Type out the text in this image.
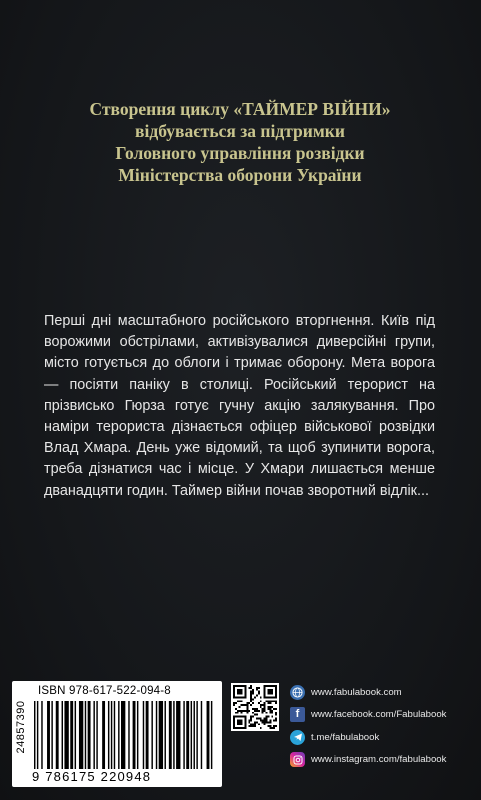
Створення циклу «ТАЙМЕР ВІЙНИ»
відбувається за підтримки
Головного управління розвідки
Міністерства оборони України

Перші дні масштабного російського вторгнення. Київ під ворожими обстрілами, активізувалися диверсійні групи, місто готується до облоги і тримає оборону. Мета ворога — посіяти паніку в столиці. Російський терорист на прізвисько Гюрза готує гучну акцію залякування. Про наміри терориста дізнається офіцер військової розвідки Влад Хмара. День уже відомий, та щоб зупинити ворога, треба дізнатися час і місце. У Хмари лишається менше дванадцяти годин. Таймер війни почав зворотний відлік...

ISBN 978-617-522-094-8
24857390
9 786175 220948
www.fabulabook.com
f www.facebook.com/Fabulabook
t.me/fabulabook
www.instagram.com/fabulabook
